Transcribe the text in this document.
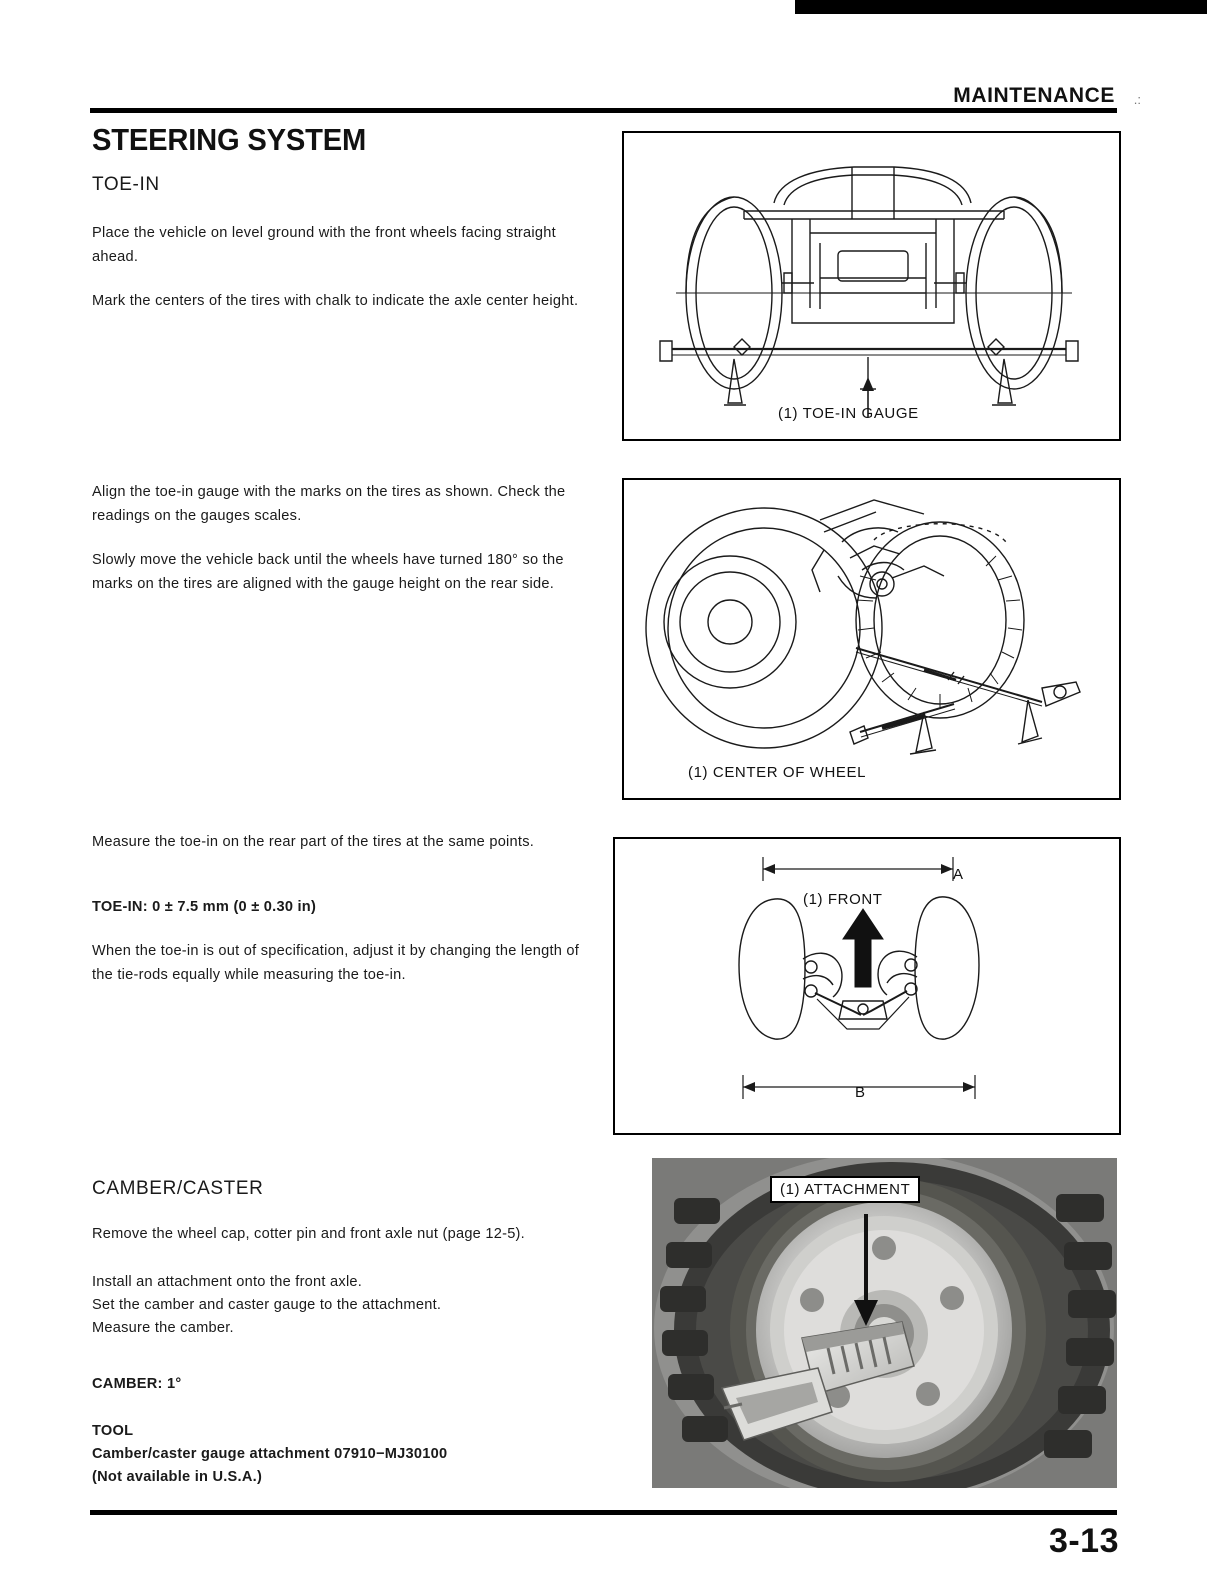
MAINTENANCE .:
STEERING SYSTEM
TOE-IN
Place the vehicle on level ground with the front wheels facing straight ahead.
Mark the centers of the tires with chalk to indicate the axle center height.
Align the toe-in gauge with the marks on the tires as shown. Check the readings on the gauges scales.
Slowly move the vehicle back until the wheels have turned 180° so the marks on the tires are aligned with the gauge height on the rear side.
Measure the toe-in on the rear part of the tires at the same points.
TOE-IN: 0 ± 7.5 mm (0 ± 0.30 in)
When the toe-in is out of specification, adjust it by changing the length of the tie-rods equally while measuring the toe-in.
CAMBER/CASTER
Remove the wheel cap, cotter pin and front axle nut (page 12-5).
Install an attachment onto the front axle.
Set the camber and caster gauge to the attachment.
Measure the camber.
CAMBER: 1°
TOOL
Camber/caster gauge attachment 07910−MJ30100
(Not available in U.S.A.)
(1) TOE-IN GAUGE
(1) CENTER OF WHEEL
A
B
(1) FRONT
(1) ATTACHMENT
3-13
